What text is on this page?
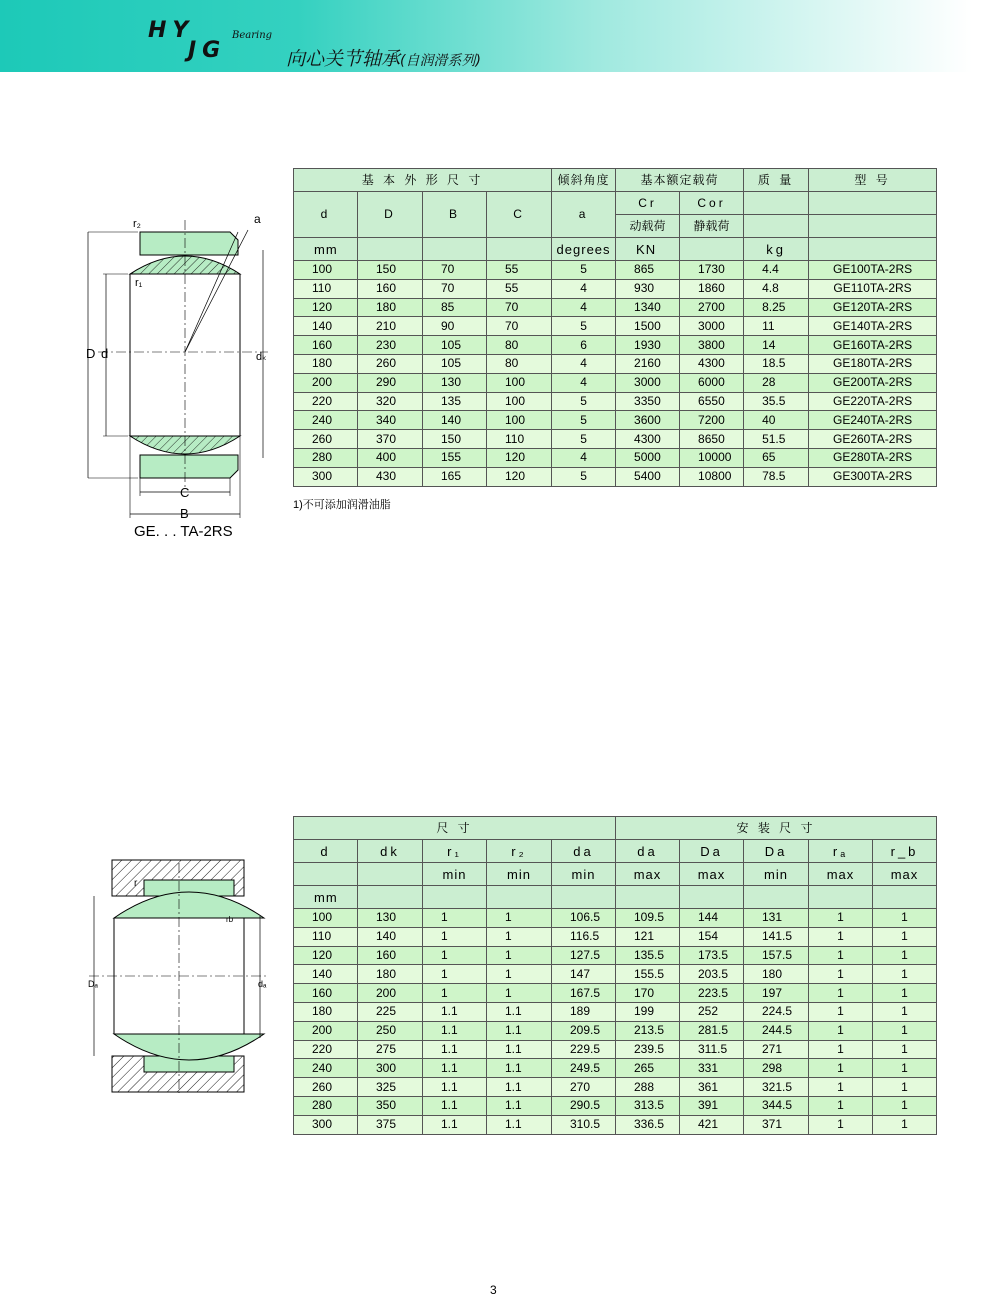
HY
JG
Bearing
向心关节轴承(自润滑系列)
r₂	a
r₁
D d	dₖ
C
B
GE. . . TA-2RS
基 本 外 形 尺 寸				倾斜角度	基本额定载荷		质 量	型 号
d	D	B	C	a	Cr	Cor		
					动载荷	静载荷		
mm				degrees	KN		kg	
100	150	70	55	5	865	1730	4.4	GE100TA-2RS
110	160	70	55	4	930	1860	4.8	GE110TA-2RS
120	180	85	70	4	1340	2700	8.25	GE120TA-2RS
140	210	90	70	5	1500	3000	11	GE140TA-2RS
160	230	105	80	6	1930	3800	14	GE160TA-2RS
180	260	105	80	4	2160	4300	18.5	GE180TA-2RS
200	290	130	100	4	3000	6000	28	GE200TA-2RS
220	320	135	100	5	3350	6550	35.5	GE220TA-2RS
240	340	140	100	5	3600	7200	40	GE240TA-2RS
260	370	150	110	5	4300	8650	51.5	GE260TA-2RS
280	400	155	120	4	5000	10000	65	GE280TA-2RS
300	430	165	120	5	5400	10800	78.5	GE300TA-2RS
1)不可添加润滑油脂
r
rb
Dₐ	dₐ
尺 寸					安 装 尺 寸				
d	dk	r₁	r₂	da	da	Da	Da	rₐ	r_b
		min	min	min	max	max	min	max	max
mm									
100	130	1	1	106.5	109.5	144	131	1	1
110	140	1	1	116.5	121	154	141.5	1	1
120	160	1	1	127.5	135.5	173.5	157.5	1	1
140	180	1	1	147	155.5	203.5	180	1	1
160	200	1	1	167.5	170	223.5	197	1	1
180	225	1.1	1.1	189	199	252	224.5	1	1
200	250	1.1	1.1	209.5	213.5	281.5	244.5	1	1
220	275	1.1	1.1	229.5	239.5	311.5	271	1	1
240	300	1.1	1.1	249.5	265	331	298	1	1
260	325	1.1	1.1	270	288	361	321.5	1	1
280	350	1.1	1.1	290.5	313.5	391	344.5	1	1
300	375	1.1	1.1	310.5	336.5	421	371	1	1
3
